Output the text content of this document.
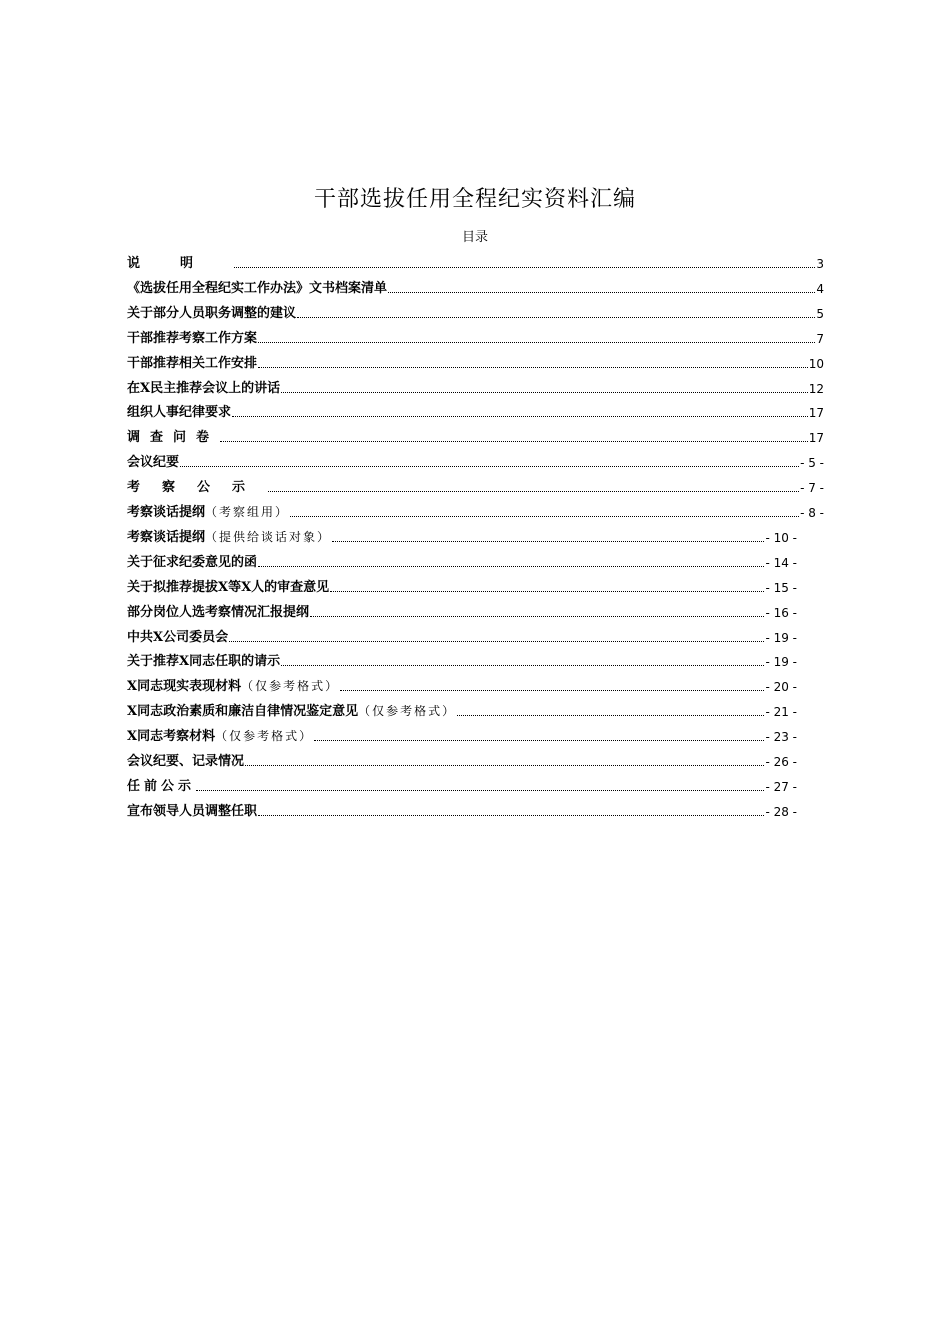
干部选拔任用全程纪实资料汇编
目录
说明	3
《选拔任用全程纪实工作办法》文书档案清单	4
关于部分人员职务调整的建议	5
干部推荐考察工作方案	7
干部推荐相关工作安排	10
在X民主推荐会议上的讲话	12
组织人事纪律要求	17
调查问卷	17
会议纪要	- 5 -
考察公示	- 7 -
考察谈话提纲（考察组用）	- 8 -
考察谈话提纲（提供给谈话对象）	- 10 -
关于征求纪委意见的函	- 14 -
关于拟推荐提拔X等X人的审查意见	- 15 -
部分岗位人选考察情况汇报提纲	- 16 -
中共X公司委员会	- 19 -
关于推荐X同志任职的请示	- 19 -
X同志现实表现材料（仅参考格式）	- 20 -
X同志政治素质和廉洁自律情况鉴定意见（仅参考格式）	- 21 -
X同志考察材料（仅参考格式）	- 23 -
会议纪要、记录情况	- 26 -
任前公示	- 27 -
宣布领导人员调整任职	- 28 -
